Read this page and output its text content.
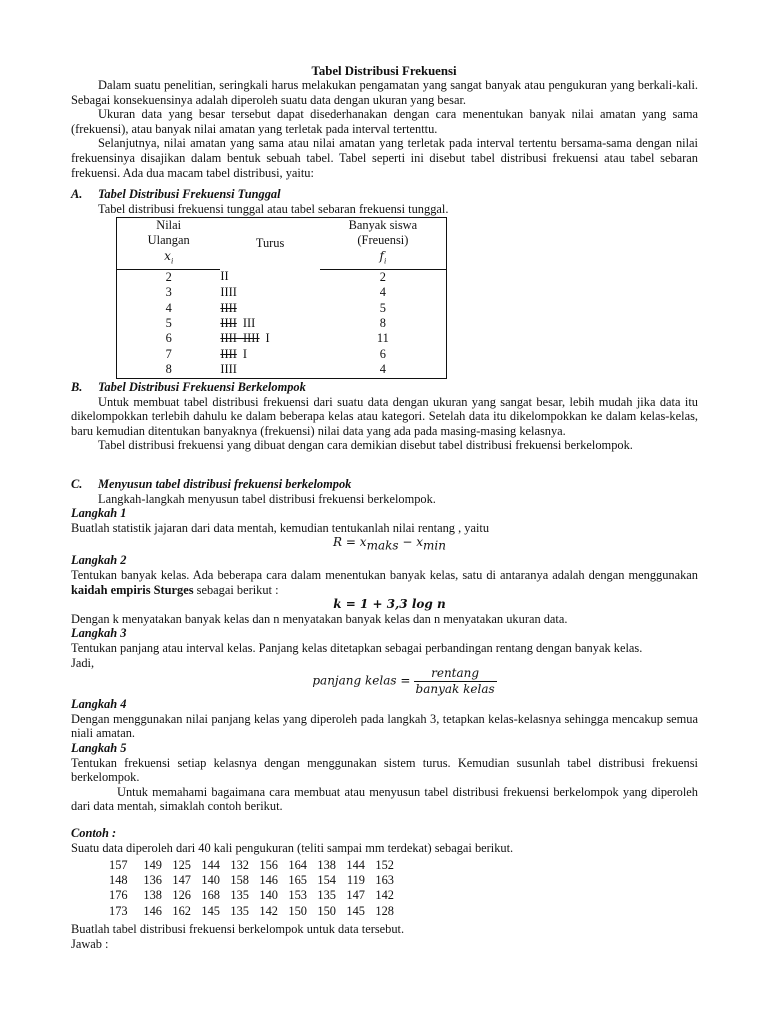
Tabel Distribusi Frekuensi

Dalam suatu penelitian, seringkali harus melakukan pengamatan yang sangat banyak atau pengukuran yang berkali-kali. Sebagai konsekuensinya adalah diperoleh suatu data dengan ukuran yang besar.

Ukuran data yang besar tersebut dapat disederhanakan dengan cara menentukan banyak nilai amatan yang sama (frekuensi), atau banyak nilai amatan yang terletak pada interval tertenttu.

Selanjutnya, nilai amatan yang sama atau nilai amatan yang terletak pada interval tertentu bersama-sama dengan nilai frekuensinya disajikan dalam bentuk sebuah tabel. Tabel seperti ini disebut tabel distribusi frekuensi atau tabel sebaran frekuensi. Ada dua macam tabel distribusi, yaitu:

A. Tabel Distribusi Frekuensi Tunggal

Tabel distribusi frekuensi tunggal atau tabel sebaran frekuensi tunggal.

Nilai	Turus	Banyak siswa
Ulangan		(Freuensi)
$x_i$		$f_i$
2	II	2
3	IIII	4
4	IIII	5
5	IIII III	8
6	IIII  IIII I	11
7	IIII I	6
8	IIII	4

B. Tabel Distribusi Frekuensi Berkelompok

Untuk membuat tabel distribusi frekuensi dari suatu data dengan ukuran yang sangat besar, lebih mudah jika data itu dikelompokkan terlebih dahulu ke dalam beberapa kelas atau kategori. Setelah data itu dikelompokkan ke dalam kelas-kelas, baru kemudian ditentukan banyaknya (frekuensi) nilai data yang ada pada masing-masing kelasnya.

Tabel distribusi frekuensi yang dibuat dengan cara demikian disebut tabel distribusi frekuensi berkelompok.

C. Menyusun tabel distribusi frekuensi berkelompok

Langkah-langkah menyusun tabel distribusi frekuensi berkelompok.

Langkah 1

Buatlah statistik jajaran dari data mentah, kemudian tentukanlah nilai rentang , yaitu

$R = x_{maks} - x_{min}$

Langkah 2

Tentukan banyak kelas. Ada beberapa cara dalam menentukan banyak kelas, satu di antaranya adalah dengan menggunakan kaidah empiris Sturges sebagai berikut :

k = 1 + 3,3 log n

Dengan k menyatakan banyak kelas dan n menyatakan banyak kelas dan n menyatakan ukuran data.

Langkah 3

Tentukan panjang atau interval kelas. Panjang kelas ditetapkan sebagai perbandingan rentang dengan banyak kelas.

Jadi,

panjang kelas = $\frac{\text{rentang}}{\text{banyak kelas}}$

Langkah 4

Dengan menggunakan nilai panjang kelas yang diperoleh pada langkah 3, tetapkan kelas-kelasnya sehingga mencakup semua niali amatan.

Langkah 5

Tentukan frekuensi setiap kelasnya dengan menggunakan sistem turus. Kemudian susunlah tabel distribusi frekuensi berkelompok.

Untuk memahami bagaimana cara membuat atau menyusun tabel distribusi frekuensi berkelompok yang diperoleh dari data mentah, simaklah contoh berikut.

Contoh :

Suatu data diperoleh dari 40 kali pengukuran (teliti sampai mm terdekat) sebagai berikut.

157 149 125 144 132 156 164 138 144 152
148 136 147 140 158 146 165 154 119 163
176 138 126 168 135 140 153 135 147 142
173 146 162 145 135 142 150 150 145 128

Buatlah tabel distribusi frekuensi berkelompok untuk data tersebut.

Jawab :
